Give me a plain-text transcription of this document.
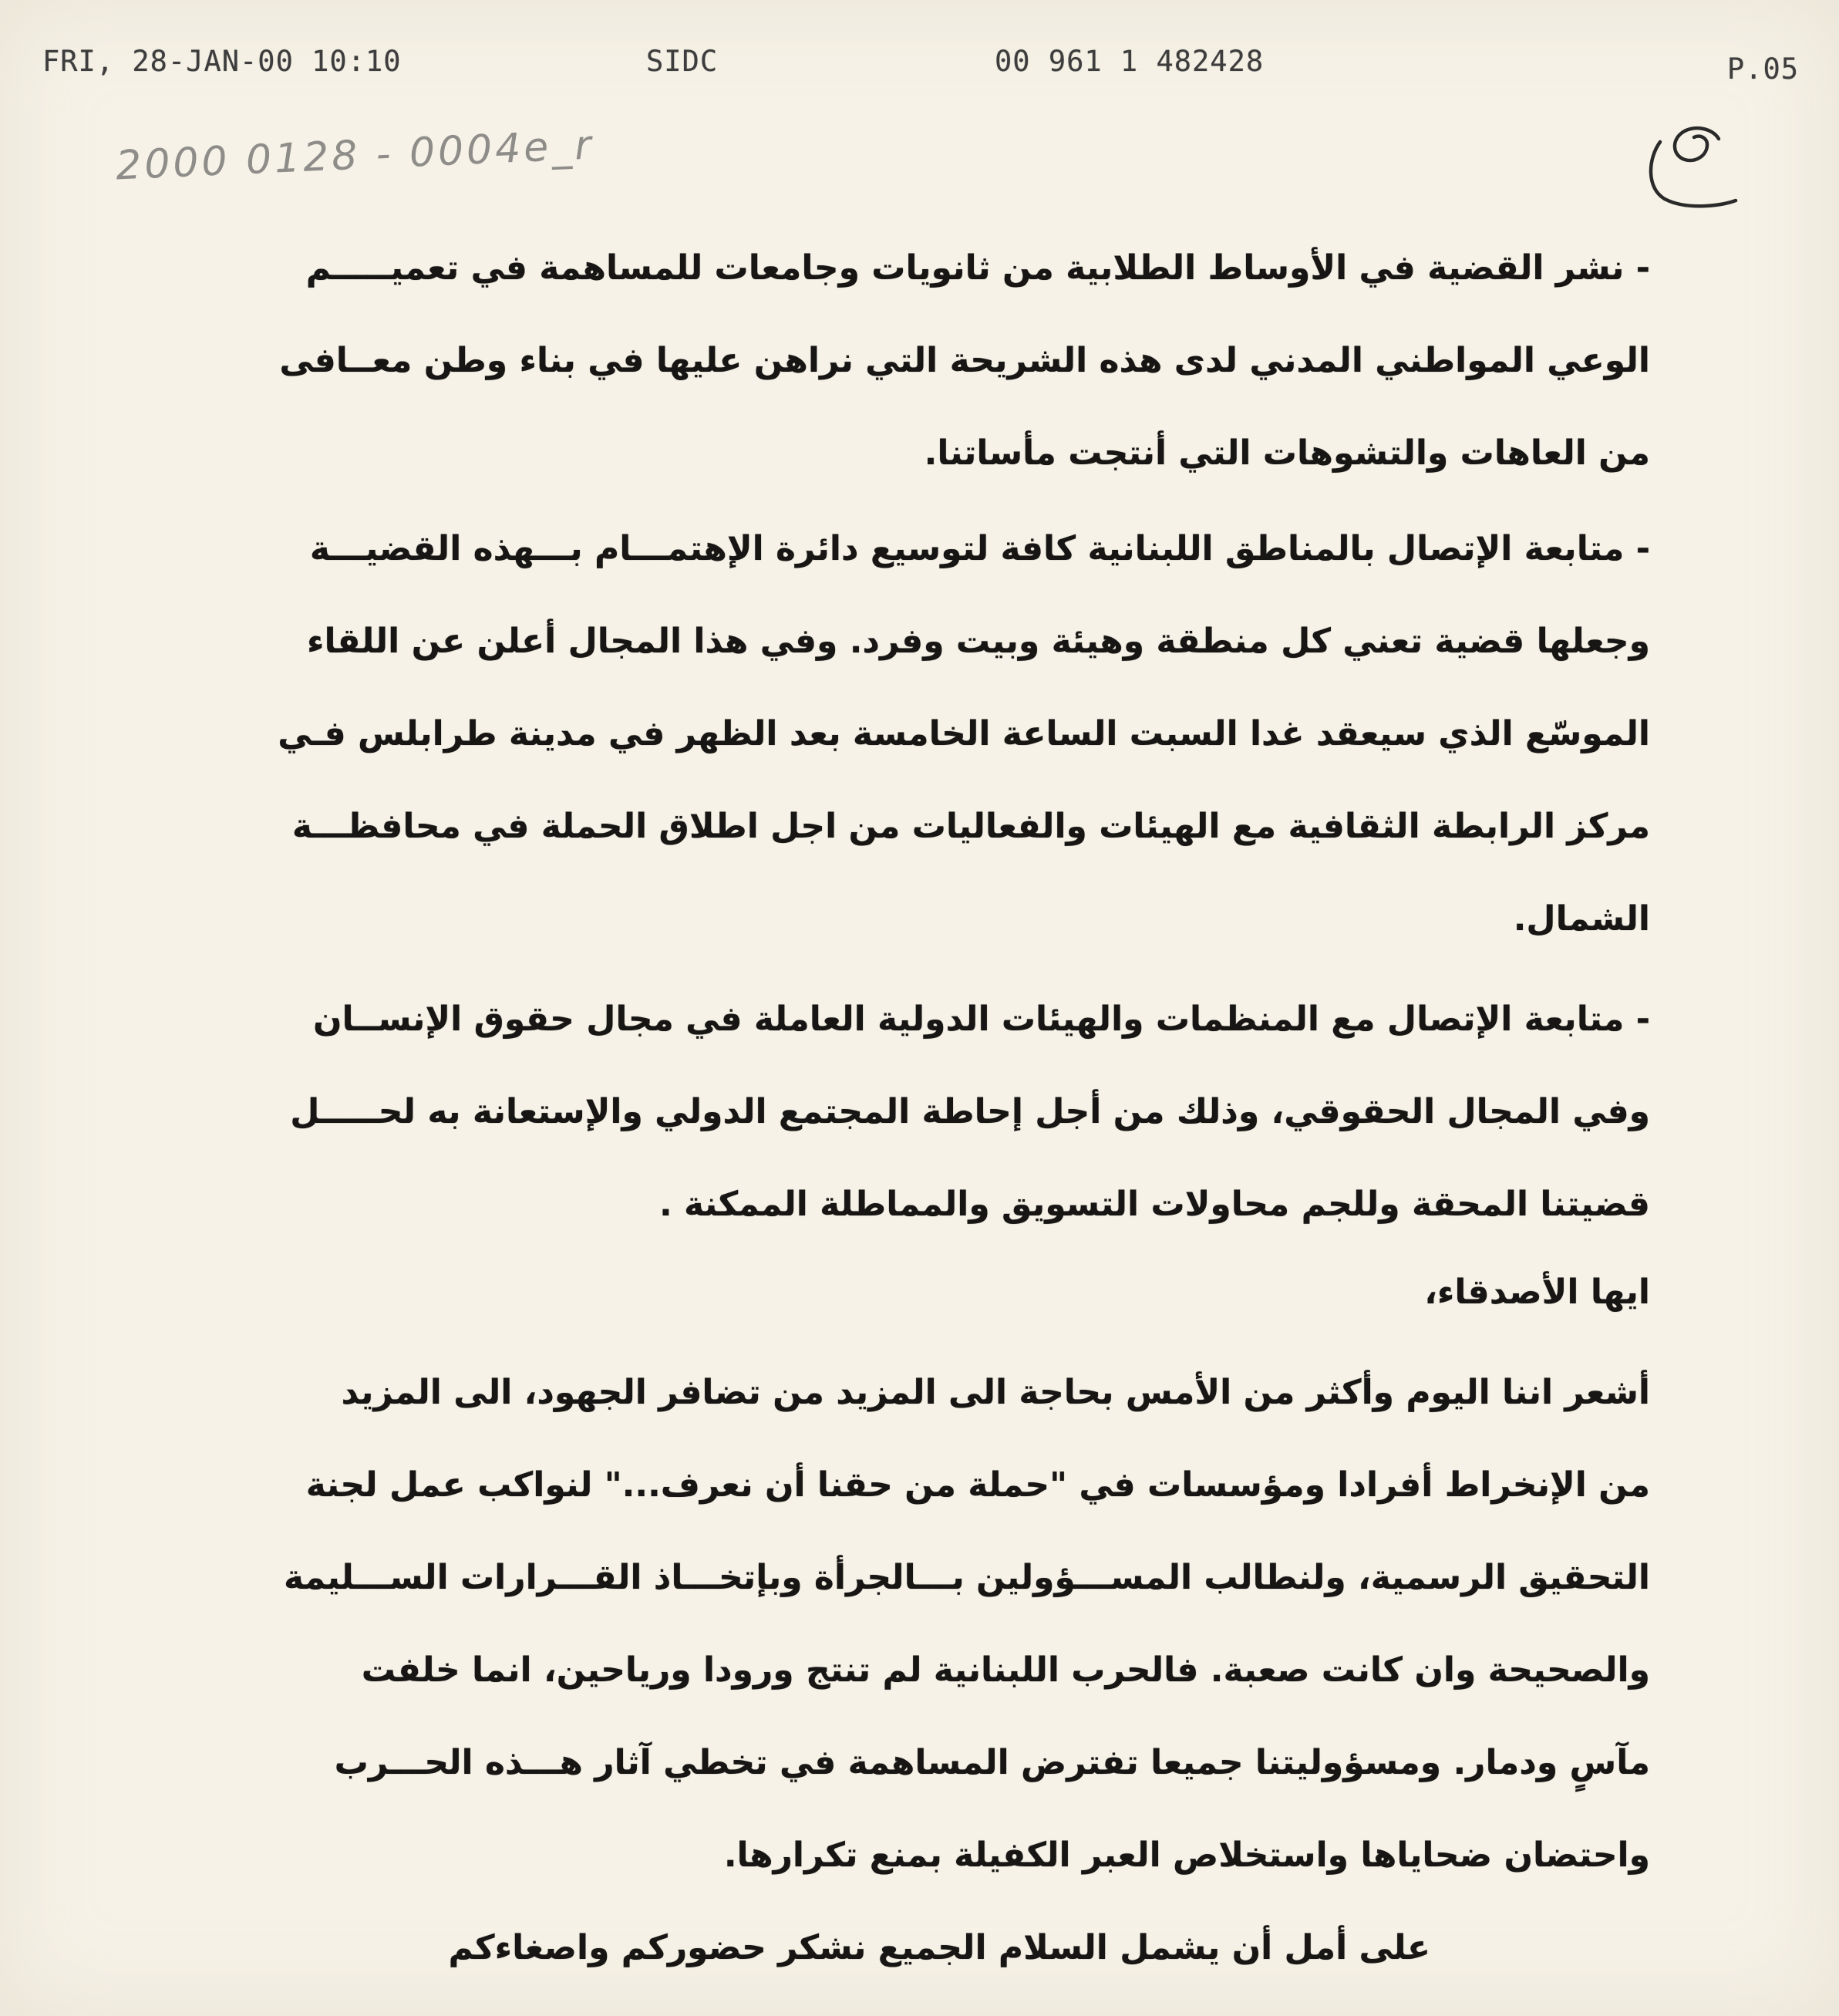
FRI, 28-JAN-00 10:10	SIDC	00 961 1 482428	P.05
2000 0128 - 0004e_r
- نشر القضية في الأوساط الطلابية من ثانويات وجامعات للمساهمة في تعميـــــم
الوعي المواطني المدني لدى هذه الشريحة التي نراهن عليها في بناء وطن معــافى
من العاهات والتشوهات التي أنتجت مأساتنا.
- متابعة الإتصال بالمناطق اللبنانية كافة لتوسيع دائرة الإهتمـــام بـــهذه القضيـــة
وجعلها قضية تعني كل منطقة وهيئة وبيت وفرد. وفي هذا المجال أعلن عن اللقاء
الموسّع الذي سيعقد غدا السبت الساعة الخامسة بعد الظهر في مدينة طرابلس فـي
مركز الرابطة الثقافية مع الهيئات والفعاليات من اجل اطلاق الحملة في محافظـــة
الشمال.
- متابعة الإتصال مع المنظمات والهيئات الدولية العاملة في مجال حقوق الإنســان
وفي المجال الحقوقي، وذلك من أجل إحاطة المجتمع الدولي والإستعانة به لحـــــل
قضيتنا المحقة وللجم محاولات التسويق والمماطلة الممكنة .
ايها الأصدقاء،
أشعر اننا اليوم وأكثر من الأمس بحاجة الى المزيد من تضافر الجهود، الى المزيد
من الإنخراط أفرادا ومؤسسات في "حملة من حقنا أن نعرف..." لنواكب عمل لجنة
التحقيق الرسمية، ولنطالب المســـؤولين بـــالجرأة وبإتخـــاذ القـــرارات الســـليمة
والصحيحة وان كانت صعبة. فالحرب اللبنانية لم تنتج ورودا ورياحين، انما خلفت
مآسٍ ودمار. ومسؤوليتنا جميعا تفترض المساهمة في تخطي آثار هـــذه الحـــرب
واحتضان ضحاياها واستخلاص العبر الكفيلة بمنع تكرارها.
على أمل أن يشمل السلام الجميع نشكر حضوركم واصغاءكم
